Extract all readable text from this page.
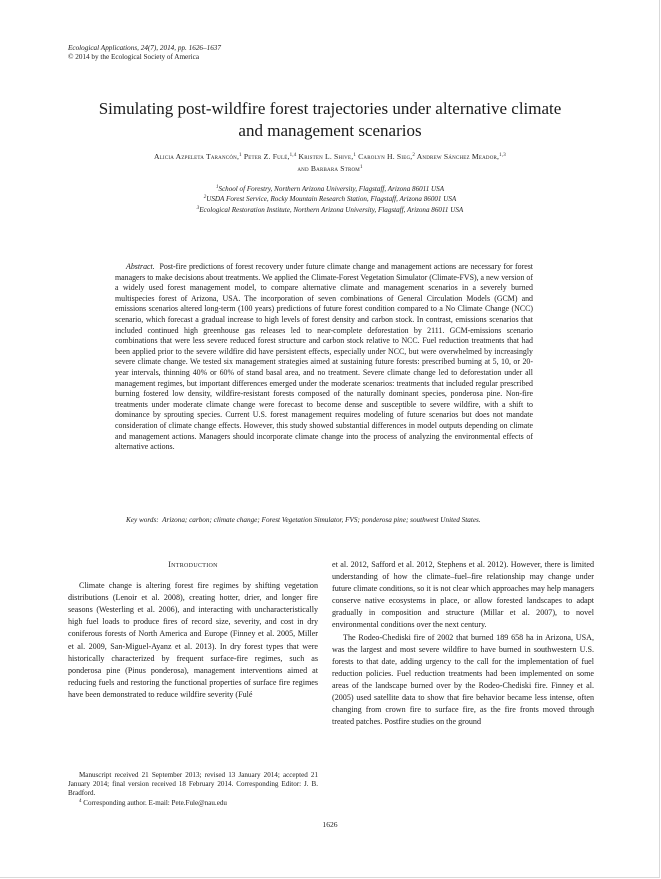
Ecological Applications, 24(7), 2014, pp. 1626–1637
© 2014 by the Ecological Society of America
Simulating post-wildfire forest trajectories under alternative climate
and management scenarios
Alicia Azpeleta Tarancón,$^1$ Peter Z. Fulé,$^{1,4}$ Kristen L. Shive,$^1$ Carolyn H. Sieg,$^2$ Andrew Sánchez Meador,$^{1,3}$
and Barbara Strom$^1$
$^1$School of Forestry, Northern Arizona University, Flagstaff, Arizona 86011 USA
$^2$USDA Forest Service, Rocky Mountain Research Station, Flagstaff, Arizona 86001 USA
$^3$Ecological Restoration Institute, Northern Arizona University, Flagstaff, Arizona 86011 USA

Abstract. Post-fire predictions of forest recovery under future climate change and management actions are necessary for forest managers to make decisions about treatments. We applied the Climate-Forest Vegetation Simulator (Climate-FVS), a new version of a widely used forest management model, to compare alternative climate and management scenarios in a severely burned multispecies forest of Arizona, USA. The incorporation of seven combinations of General Circulation Models (GCM) and emissions scenarios altered long-term (100 years) predictions of future forest condition compared to a No Climate Change (NCC) scenario, which forecast a gradual increase to high levels of forest density and carbon stock. In contrast, emissions scenarios that included continued high greenhouse gas releases led to near-complete deforestation by 2111. GCM-emissions scenario combinations that were less severe reduced forest structure and carbon stock relative to NCC. Fuel reduction treatments that had been applied prior to the severe wildfire did have persistent effects, especially under NCC, but were overwhelmed by increasingly severe climate change. We tested six management strategies aimed at sustaining future forests: prescribed burning at 5, 10, or 20-year intervals, thinning 40% or 60% of stand basal area, and no treatment. Severe climate change led to deforestation under all management regimes, but important differences emerged under the moderate scenarios: treatments that included regular prescribed burning fostered low density, wildfire-resistant forests composed of the naturally dominant species, ponderosa pine. Non-fire treatments under moderate climate change were forecast to become dense and susceptible to severe wildfire, with a shift to dominance by sprouting species. Current U.S. forest management requires modeling of future scenarios but does not mandate consideration of climate change effects. However, this study showed substantial differences in model outputs depending on climate and management actions. Managers should incorporate climate change into the process of analyzing the environmental effects of alternative actions.

Key words: Arizona; carbon; climate change; Forest Vegetation Simulator, FVS; ponderosa pine; southwest United States.

Introduction

Climate change is altering forest fire regimes by shifting vegetation distributions (Lenoir et al. 2008), creating hotter, drier, and longer fire seasons (Westerling et al. 2006), and interacting with uncharacteristically high fuel loads to produce fires of record size, severity, and cost in dry coniferous forests of North America and Europe (Finney et al. 2005, Miller et al. 2009, San-Miguel-Ayanz et al. 2013). In dry forest types that were historically characterized by frequent surface-fire regimes, such as ponderosa pine (Pinus ponderosa), management interventions aimed at reducing fuels and restoring the functional properties of surface fire regimes have been demonstrated to reduce wildfire severity (Fulé

et al. 2012, Safford et al. 2012, Stephens et al. 2012). However, there is limited understanding of how the climate–fuel–fire relationship may change under future climate conditions, so it is not clear which approaches may help managers conserve native ecosystems in place, or allow forested landscapes to adapt gradually in composition and structure (Millar et al. 2007), to novel environmental conditions over the next century.

The Rodeo-Chediski fire of 2002 that burned 189 658 ha in Arizona, USA, was the largest and most severe wildfire to have burned in southwestern U.S. forests to that date, adding urgency to the call for the implementation of fuel reduction policies. Fuel reduction treatments had been implemented on some areas of the landscape burned over by the Rodeo-Chediski fire. Finney et al. (2005) used satellite data to show that fire behavior became less intense, often changing from crown fire to surface fire, as the fire fronts moved through treated patches. Postfire studies on the ground

Manuscript received 21 September 2013; revised 13 January 2014; accepted 21 January 2014; final version received 18 February 2014. Corresponding Editor: J. B. Bradford.

$^4$ Corresponding author. E-mail: Pete.Fule@nau.edu

1626
